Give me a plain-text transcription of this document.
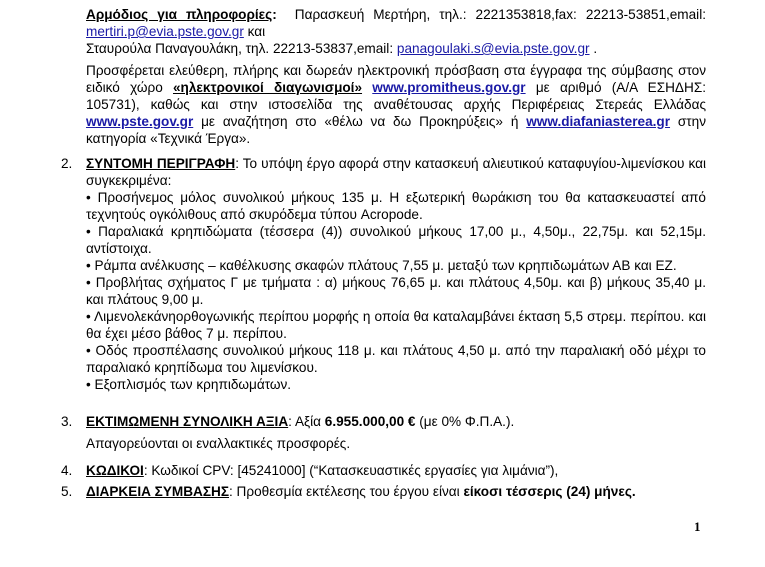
Αρμόδιος για πληροφορίες: Παρασκευή Μερτήρη, τηλ.: 2221353818,fax: 22213-53851,email:
mertiri.p@evia.pste.gov.gr και
Σταυρούλα Παναγουλάκη, τηλ. 22213-53837,email: panagoulaki.s@evia.pste.gov.gr .
Προσφέρεται ελεύθερη, πλήρης και δωρεάν ηλεκτρονική πρόσβαση στα έγγραφα της σύμβασης στον ειδικό χώρο «ηλεκτρονικοί διαγωνισμοί» www.promitheus.gov.gr με αριθμό (Α/Α ΕΣΗΔΗΣ: 105731), καθώς και στην ιστοσελίδα της αναθέτουσας αρχής Περιφέρειας Στερεάς Ελλάδας www.pste.gov.gr με αναζήτηση στο «θέλω να δω Προκηρύξεις» ή www.diafaniasterea.gr στην κατηγορία «Τεχνικά Έργα».
2. ΣΥΝΤΟΜΗ ΠΕΡΙΓΡΑΦΗ: Το υπόψη έργο αφορά στην κατασκευή αλιευτικού καταφυγίου-λιμενίσκου και συγκεκριμένα:
• Προσήνεμος μόλος συνολικού μήκους 135 μ. Η εξωτερική θωράκιση του θα κατασκευαστεί από τεχνητούς ογκόλιθους από σκυρόδεμα τύπου Acropode.
• Παραλιακά κρηπιδώματα (τέσσερα (4)) συνολικού μήκους 17,00 μ., 4,50μ., 22,75μ. και 52,15μ. αντίστοιχα.
• Ράμπα ανέλκυσης – καθέλκυσης σκαφών πλάτους 7,55 μ. μεταξύ των κρηπιδωμάτων ΑΒ και ΕΖ.
• Προβλήτας σχήματος Γ με τμήματα : α) μήκους 76,65 μ. και πλάτους 4,50μ. και β) μήκους 35,40 μ. και πλάτους 9,00 μ.
• Λιμενολεκάνηορθογωνικής περίπου μορφής η οποία θα καταλαμβάνει έκταση 5,5 στρεμ. περίπου. και θα έχει μέσο βάθος 7 μ. περίπου.
• Οδός προσπέλασης συνολικού μήκους 118 μ. και πλάτους 4,50 μ. από την παραλιακή οδό μέχρι το παραλιακό κρηπίδωμα του λιμενίσκου.
• Εξοπλισμός των κρηπιδωμάτων.
3. ΕΚΤΙΜΩΜΕΝΗ ΣΥΝΟΛΙΚΗ ΑΞΙΑ: Αξία 6.955.000,00 € (με 0% Φ.Π.Α.).
Απαγορεύονται οι εναλλακτικές προσφορές.
4. ΚΩΔΙΚΟΙ: Κωδικοί CPV: [45241000] (“Κατασκευαστικές εργασίες για λιμάνια”),
5. ΔΙΑΡΚΕΙΑ ΣΥΜΒΑΣΗΣ: Προθεσμία εκτέλεσης του έργου είναι είκοσι τέσσερις (24) μήνες.
1
